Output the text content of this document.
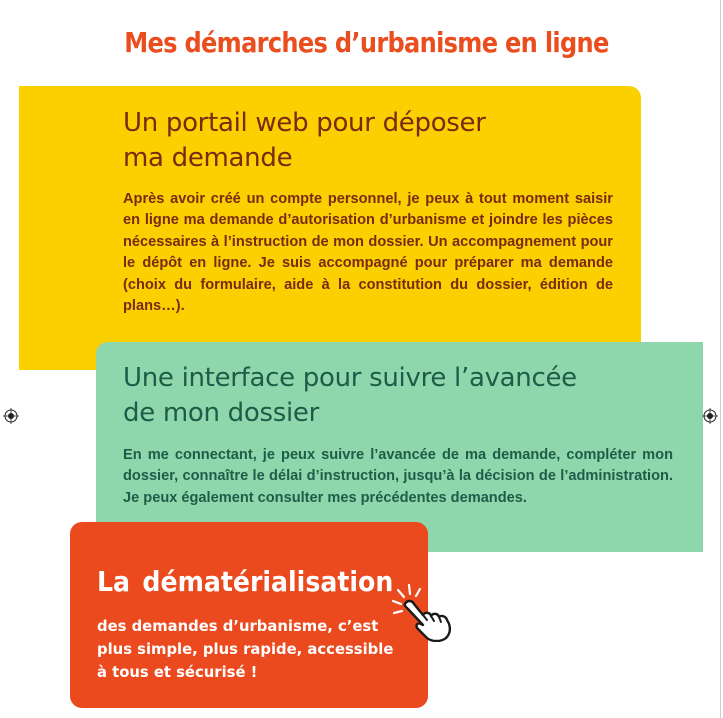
Mes démarches d’urbanisme en ligne
Un portail web pour déposer
ma demande

Après avoir créé un compte personnel, je peux à tout moment saisir en ligne ma demande d’autorisation d’urbanisme et joindre les pièces nécessaires à l’instruction de mon dossier. Un accompagnement pour le dépôt en ligne. Je suis accompagné pour préparer ma demande (choix du formulaire, aide à la constitution du dossier, édition de plans…).

Une interface pour suivre l’avancée
de mon dossier

En me connectant, je peux suivre l’avancée de ma demande, compléter mon dossier, connaître le délai d’instruction, jusqu’à la décision de l’administration. Je peux également consulter mes précédentes demandes.

La dématérialisation

des demandes d’urbanisme, c’est
plus simple, plus rapide, accessible
à tous et sécurisé !
